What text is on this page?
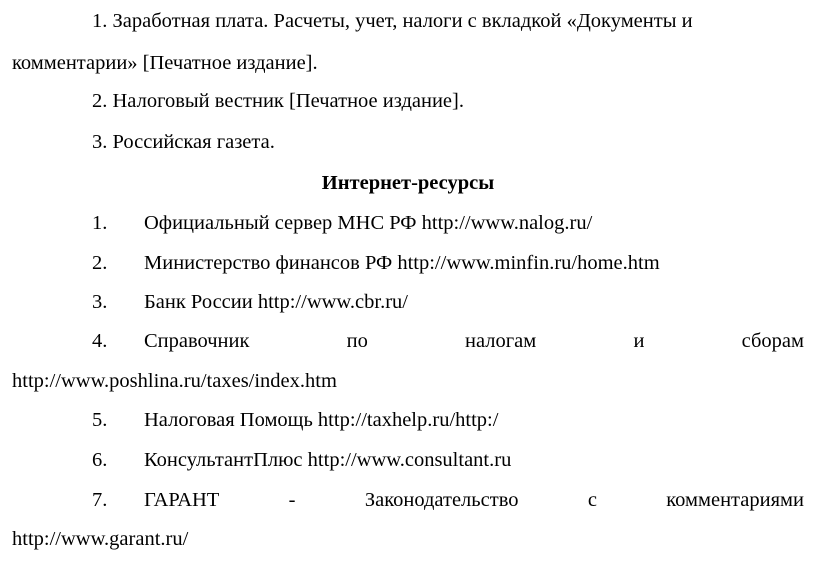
1. Заработная плата. Расчеты, учет, налоги с вкладкой «Документы и
комментарии» [Печатное издание].
2. Налоговый вестник [Печатное издание].
3. Российская газета.
Интернет-ресурсы
1.	Официальный сервер МНС РФ http://www.nalog.ru/
2.	Министерство финансов РФ http://www.minfin.ru/home.htm
3.	Банк России http://www.cbr.ru/
4.	Справочник	по	налогам	и	сборам
http://www.poshlina.ru/taxes/index.htm
5.	Налоговая Помощь http://taxhelp.ru/http:/
6.	КонсультантПлюс http://www.consultant.ru
7.	ГАРАНТ	-	Законодательство	с	комментариями
http://www.garant.ru/
